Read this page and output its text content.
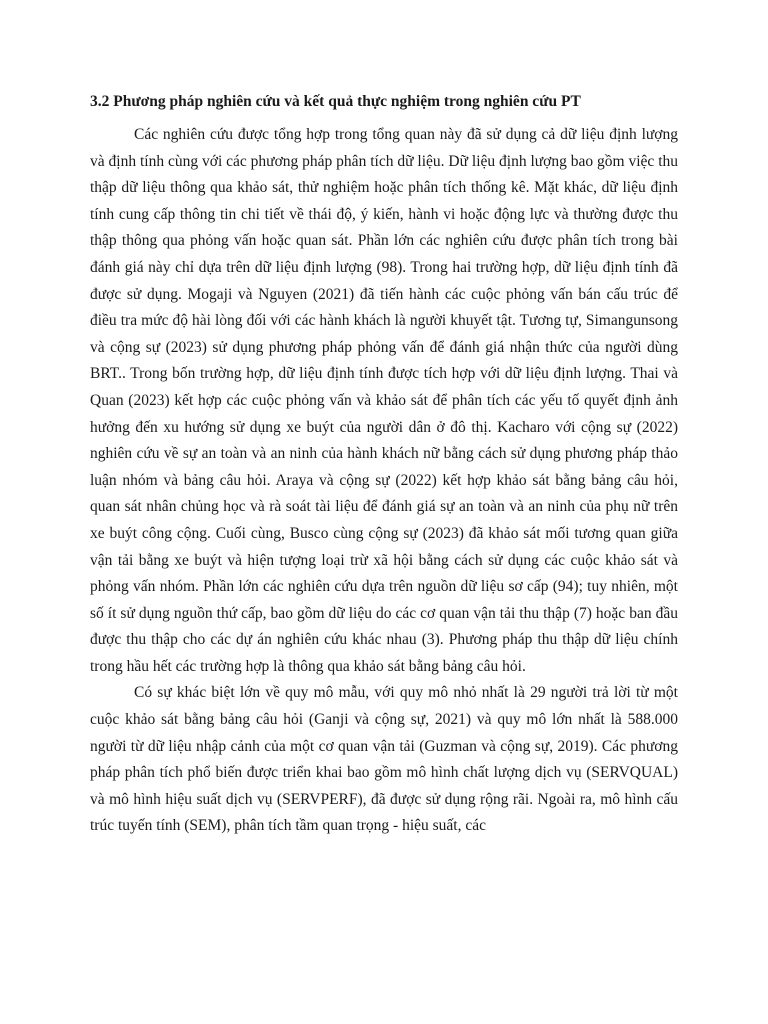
3.2 Phương pháp nghiên cứu và kết quả thực nghiệm trong nghiên cứu PT

Các nghiên cứu được tổng hợp trong tổng quan này đã sử dụng cả dữ liệu định lượng và định tính cùng với các phương pháp phân tích dữ liệu. Dữ liệu định lượng bao gồm việc thu thập dữ liệu thông qua khảo sát, thử nghiệm hoặc phân tích thống kê. Mặt khác, dữ liệu định tính cung cấp thông tin chi tiết về thái độ, ý kiến, hành vi hoặc động lực và thường được thu thập thông qua phỏng vấn hoặc quan sát. Phần lớn các nghiên cứu được phân tích trong bài đánh giá này chỉ dựa trên dữ liệu định lượng (98). Trong hai trường hợp, dữ liệu định tính đã được sử dụng. Mogaji và Nguyen (2021) đã tiến hành các cuộc phỏng vấn bán cấu trúc để điều tra mức độ hài lòng đối với các hành khách là người khuyết tật. Tương tự, Simangunsong và cộng sự (2023) sử dụng phương pháp phỏng vấn để đánh giá nhận thức của người dùng BRT.. Trong bốn trường hợp, dữ liệu định tính được tích hợp với dữ liệu định lượng. Thai và Quan (2023) kết hợp các cuộc phỏng vấn và khảo sát để phân tích các yếu tố quyết định ảnh hưởng đến xu hướng sử dụng xe buýt của người dân ở đô thị. Kacharo với cộng sự (2022) nghiên cứu về sự an toàn và an ninh của hành khách nữ bằng cách sử dụng phương pháp thảo luận nhóm và bảng câu hỏi. Araya và cộng sự (2022) kết hợp khảo sát bằng bảng câu hỏi, quan sát nhân chủng học và rà soát tài liệu để đánh giá sự an toàn và an ninh của phụ nữ trên xe buýt công cộng. Cuối cùng, Busco cùng cộng sự (2023) đã khảo sát mối tương quan giữa vận tải bằng xe buýt và hiện tượng loại trừ xã hội bằng cách sử dụng các cuộc khảo sát và phỏng vấn nhóm. Phần lớn các nghiên cứu dựa trên nguồn dữ liệu sơ cấp (94); tuy nhiên, một số ít sử dụng nguồn thứ cấp, bao gồm dữ liệu do các cơ quan vận tải thu thập (7) hoặc ban đầu được thu thập cho các dự án nghiên cứu khác nhau (3). Phương pháp thu thập dữ liệu chính trong hầu hết các trường hợp là thông qua khảo sát bằng bảng câu hỏi.

Có sự khác biệt lớn về quy mô mẫu, với quy mô nhỏ nhất là 29 người trả lời từ một cuộc khảo sát bằng bảng câu hỏi (Ganji và cộng sự, 2021) và quy mô lớn nhất là 588.000 người từ dữ liệu nhập cảnh của một cơ quan vận tải (Guzman và cộng sự, 2019). Các phương pháp phân tích phổ biến được triển khai bao gồm mô hình chất lượng dịch vụ (SERVQUAL) và mô hình hiệu suất dịch vụ (SERVPERF), đã được sử dụng rộng rãi. Ngoài ra, mô hình cấu trúc tuyến tính (SEM), phân tích tầm quan trọng - hiệu suất, các
